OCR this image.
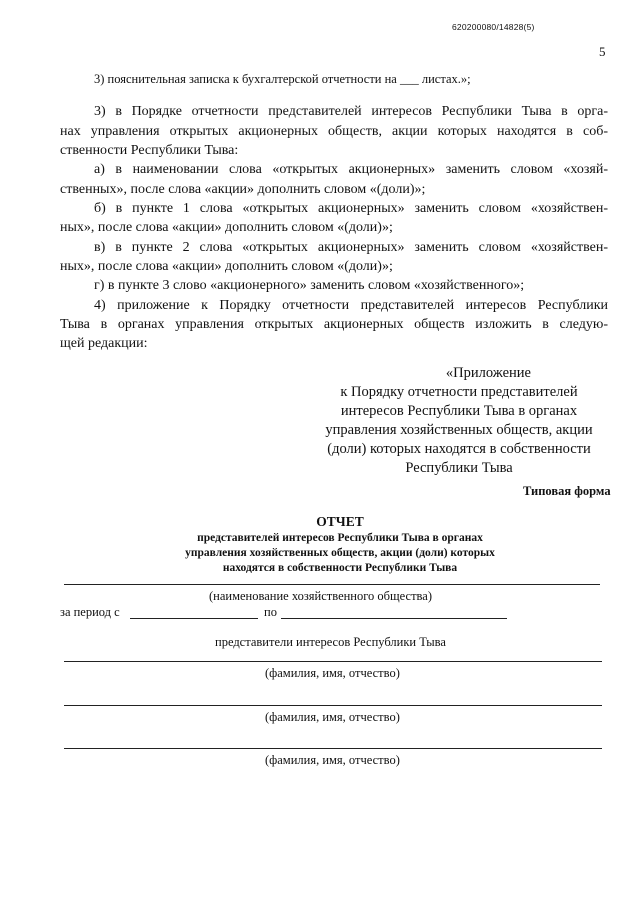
620200080/14828(5)
5
3) пояснительная записка к бухгалтерской отчетности на ___ листах.»;
3) в Порядке отчетности представителей интересов Республики Тыва в орга-
нах управления открытых акционерных обществ, акции которых находятся в соб-
ственности Республики Тыва:
а) в наименовании слова «открытых акционерных» заменить словом «хозяй-
ственных», после слова «акции» дополнить словом «(доли)»;
б) в пункте 1 слова «открытых акционерных» заменить словом «хозяйствен-
ных», после слова «акции» дополнить словом «(доли)»;
в) в пункте 2 слова «открытых акционерных» заменить словом «хозяйствен-
ных», после слова «акции» дополнить словом «(доли)»;
г) в пункте 3 слово «акционерного» заменить словом «хозяйственного»;
4) приложение к Порядку отчетности представителей интересов Республики
Тыва в органах управления открытых акционерных обществ изложить в следую-
щей редакции:
«Приложение
к Порядку отчетности представителей
интересов Республики Тыва в органах
управления хозяйственных обществ, акции
(доли) которых находятся в собственности
Республики Тыва
Типовая форма
ОТЧЕТ
представителей интересов Республики Тыва в органах
управления хозяйственных обществ, акции (доли) которых
находятся в собственности Республики Тыва
(наименование хозяйственного общества)
за период с	по
представители интересов Республики Тыва
(фамилия, имя, отчество)
(фамилия, имя, отчество)
(фамилия, имя, отчество)
